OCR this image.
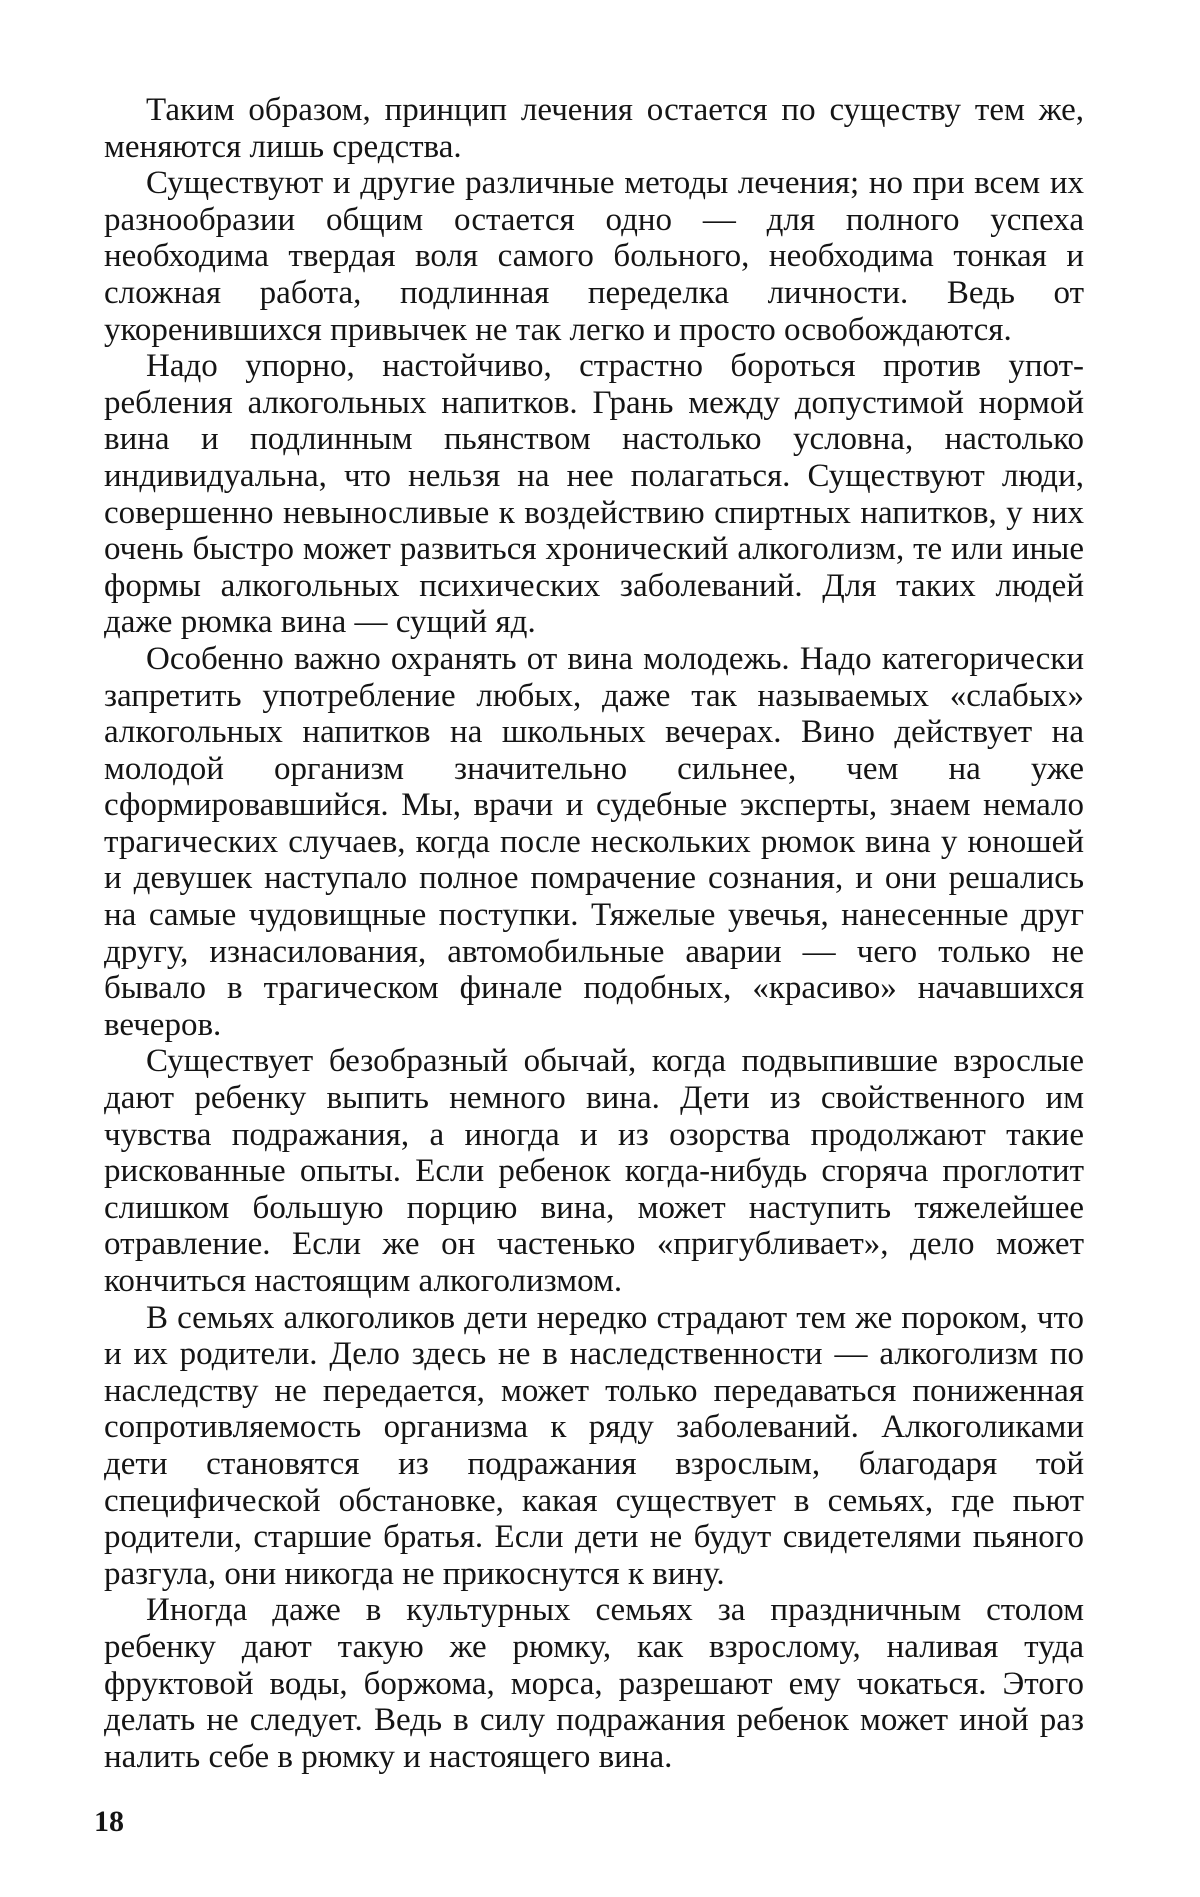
Таким образом, принцип лечения остается по существу тем же, меняются лишь средства.

Существуют и другие различные методы лечения; но при всем их разнообразии общим остается одно — для полного успеха необходима твердая воля самого больного, необходима тонкая и сложная работа, подлинная переделка личности. Ведь от укоренившихся привычек не так легко и просто освобождаются.

Надо упорно, настойчиво, страстно бороться против употребления алкогольных напитков. Грань между допустимой нормой вина и подлинным пьянством настолько условна, настолько индивидуальна, что нельзя на нее полагаться. Существуют люди, совершенно невыносливые к воздействию спиртных напитков, у них очень быстро может развиться хронический алкоголизм, те или иные формы алкогольных психических заболеваний. Для таких людей даже рюмка вина — сущий яд.

Особенно важно охранять от вина молодежь. Надо категорически запретить употребление любых, даже так называемых «слабых» алкогольных напитков на школьных вечерах. Вино действует на молодой организм значительно сильнее, чем на уже сформировавшийся. Мы, врачи и судебные эксперты, знаем немало трагических случаев, когда после нескольких рюмок вина у юношей и девушек наступало полное помрачение сознания, и они решались на самые чудовищные поступки. Тяжелые увечья, нанесенные друг другу, изнасилования, автомобильные аварии — чего только не бывало в трагическом финале подобных, «красиво» начавшихся вечеров.

Существует безобразный обычай, когда подвыпившие взрослые дают ребенку выпить немного вина. Дети из свойственного им чувства подражания, а иногда и из озорства продолжают такие рискованные опыты. Если ребенок когда-нибудь сгоряча проглотит слишком большую порцию вина, может наступить тяжелейшее отравление. Если же он частенько «пригубливает», дело может кончиться настоящим алкоголизмом.

В семьях алкоголиков дети нередко страдают тем же пороком, что и их родители. Дело здесь не в наследственности — алкоголизм по наследству не передается, может только передаваться пониженная сопротивляемость организма к ряду заболеваний. Алкоголиками дети становятся из подражания взрослым, благодаря той специфической обстановке, какая существует в семьях, где пьют родители, старшие братья. Если дети не будут свидетелями пьяного разгула, они никогда не прикоснутся к вину.

Иногда даже в культурных семьях за праздничным столом ребенку дают такую же рюмку, как взрослому, наливая туда фруктовой воды, боржома, морса, разрешают ему чокаться. Этого делать не следует. Ведь в силу подражания ребенок может иной раз налить себе в рюмку и настоящего вина.

18
